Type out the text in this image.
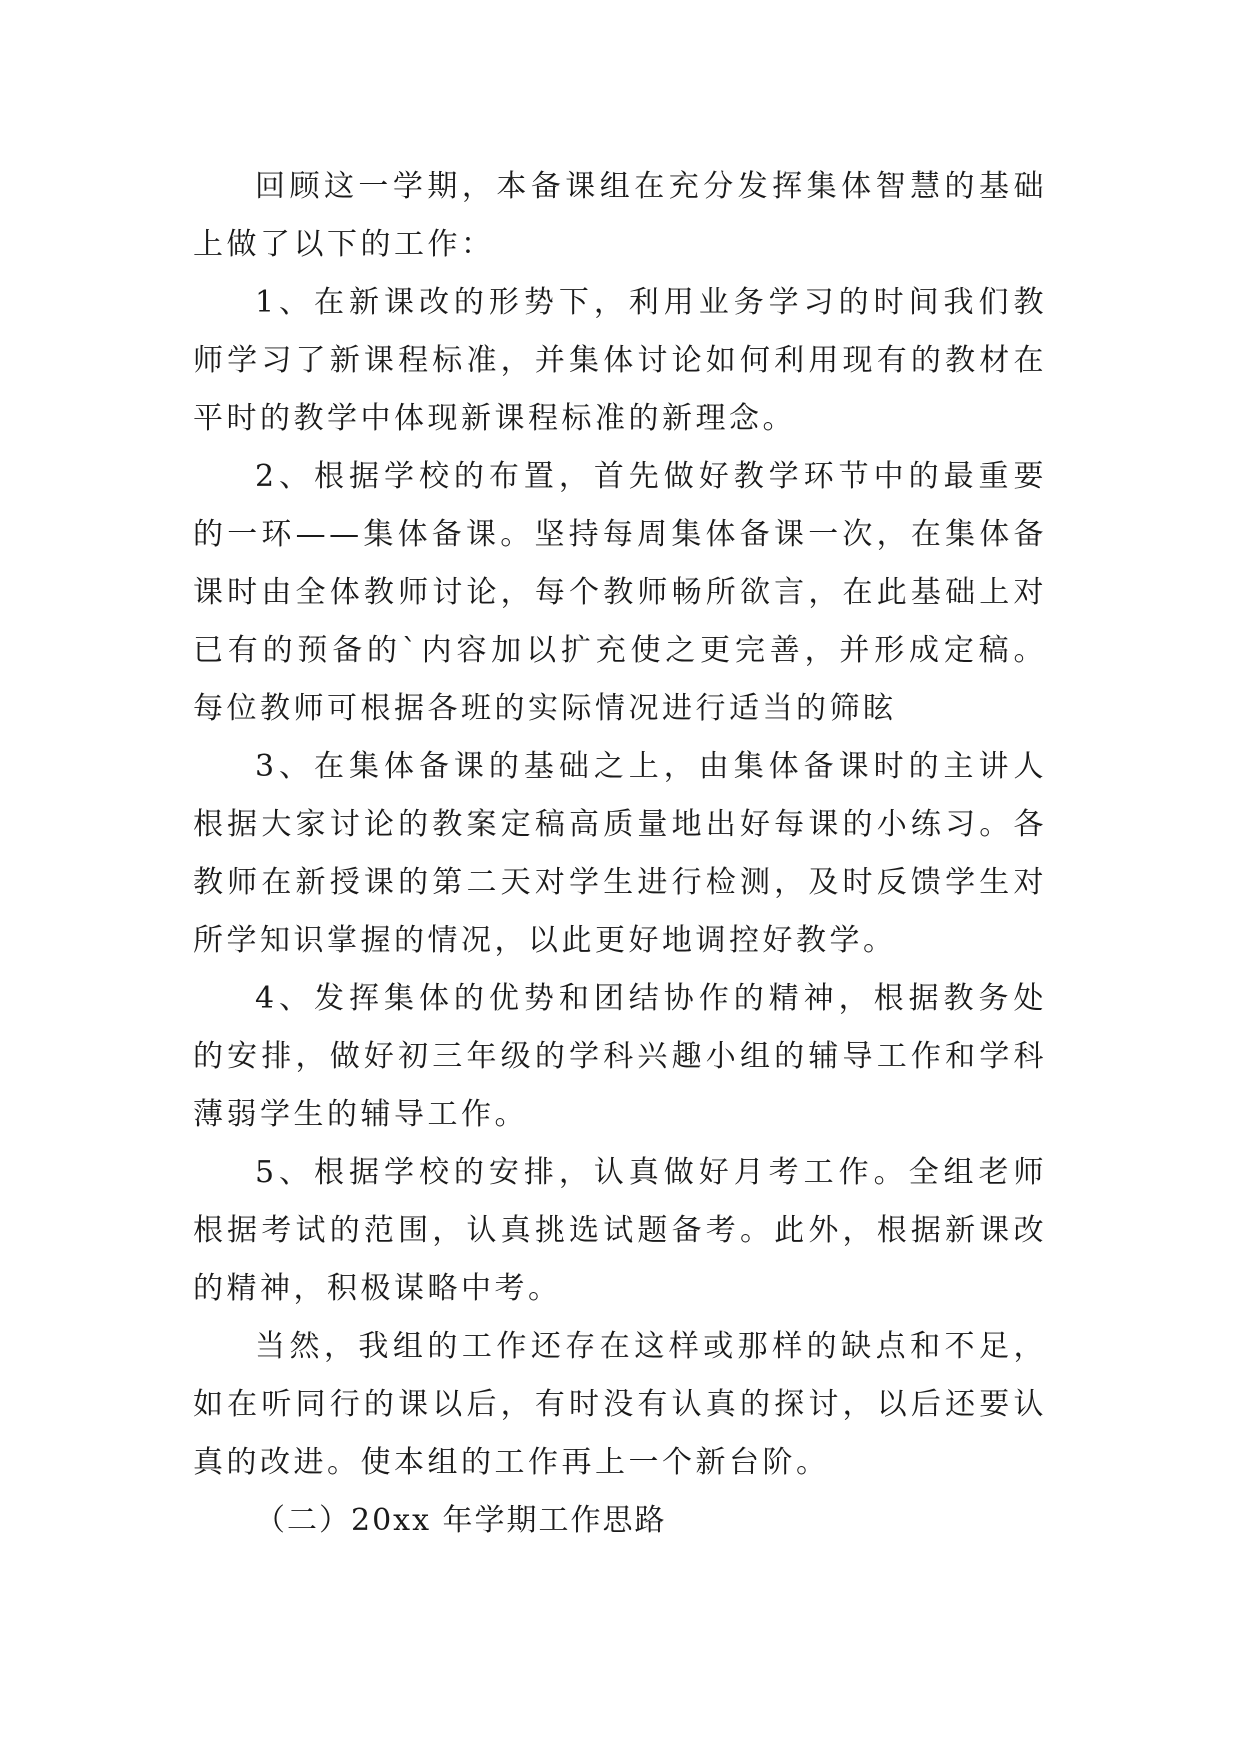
回顾这一学期，本备课组在充分发挥集体智慧的基础上做了以下的工作：

1、在新课改的形势下，利用业务学习的时间我们教师学习了新课程标准，并集体讨论如何利用现有的教材在平时的教学中体现新课程标准的新理念。

2、根据学校的布置，首先做好教学环节中的最重要的一环——集体备课。坚持每周集体备课一次，在集体备课时由全体教师讨论，每个教师畅所欲言，在此基础上对已有的预备的`内容加以扩充使之更完善，并形成定稿。每位教师可根据各班的实际情况进行适当的筛眩

3、在集体备课的基础之上，由集体备课时的主讲人根据大家讨论的教案定稿高质量地出好每课的小练习。各教师在新授课的第二天对学生进行检测，及时反馈学生对所学知识掌握的情况，以此更好地调控好教学。

4、发挥集体的优势和团结协作的精神，根据教务处的安排，做好初三年级的学科兴趣小组的辅导工作和学科薄弱学生的辅导工作。

5、根据学校的安排，认真做好月考工作。全组老师根据考试的范围，认真挑选试题备考。此外，根据新课改的精神，积极谋略中考。

当然，我组的工作还存在这样或那样的缺点和不足，如在听同行的课以后，有时没有认真的探讨，以后还要认真的改进。使本组的工作再上一个新台阶。

（二）20xx 年学期工作思路
